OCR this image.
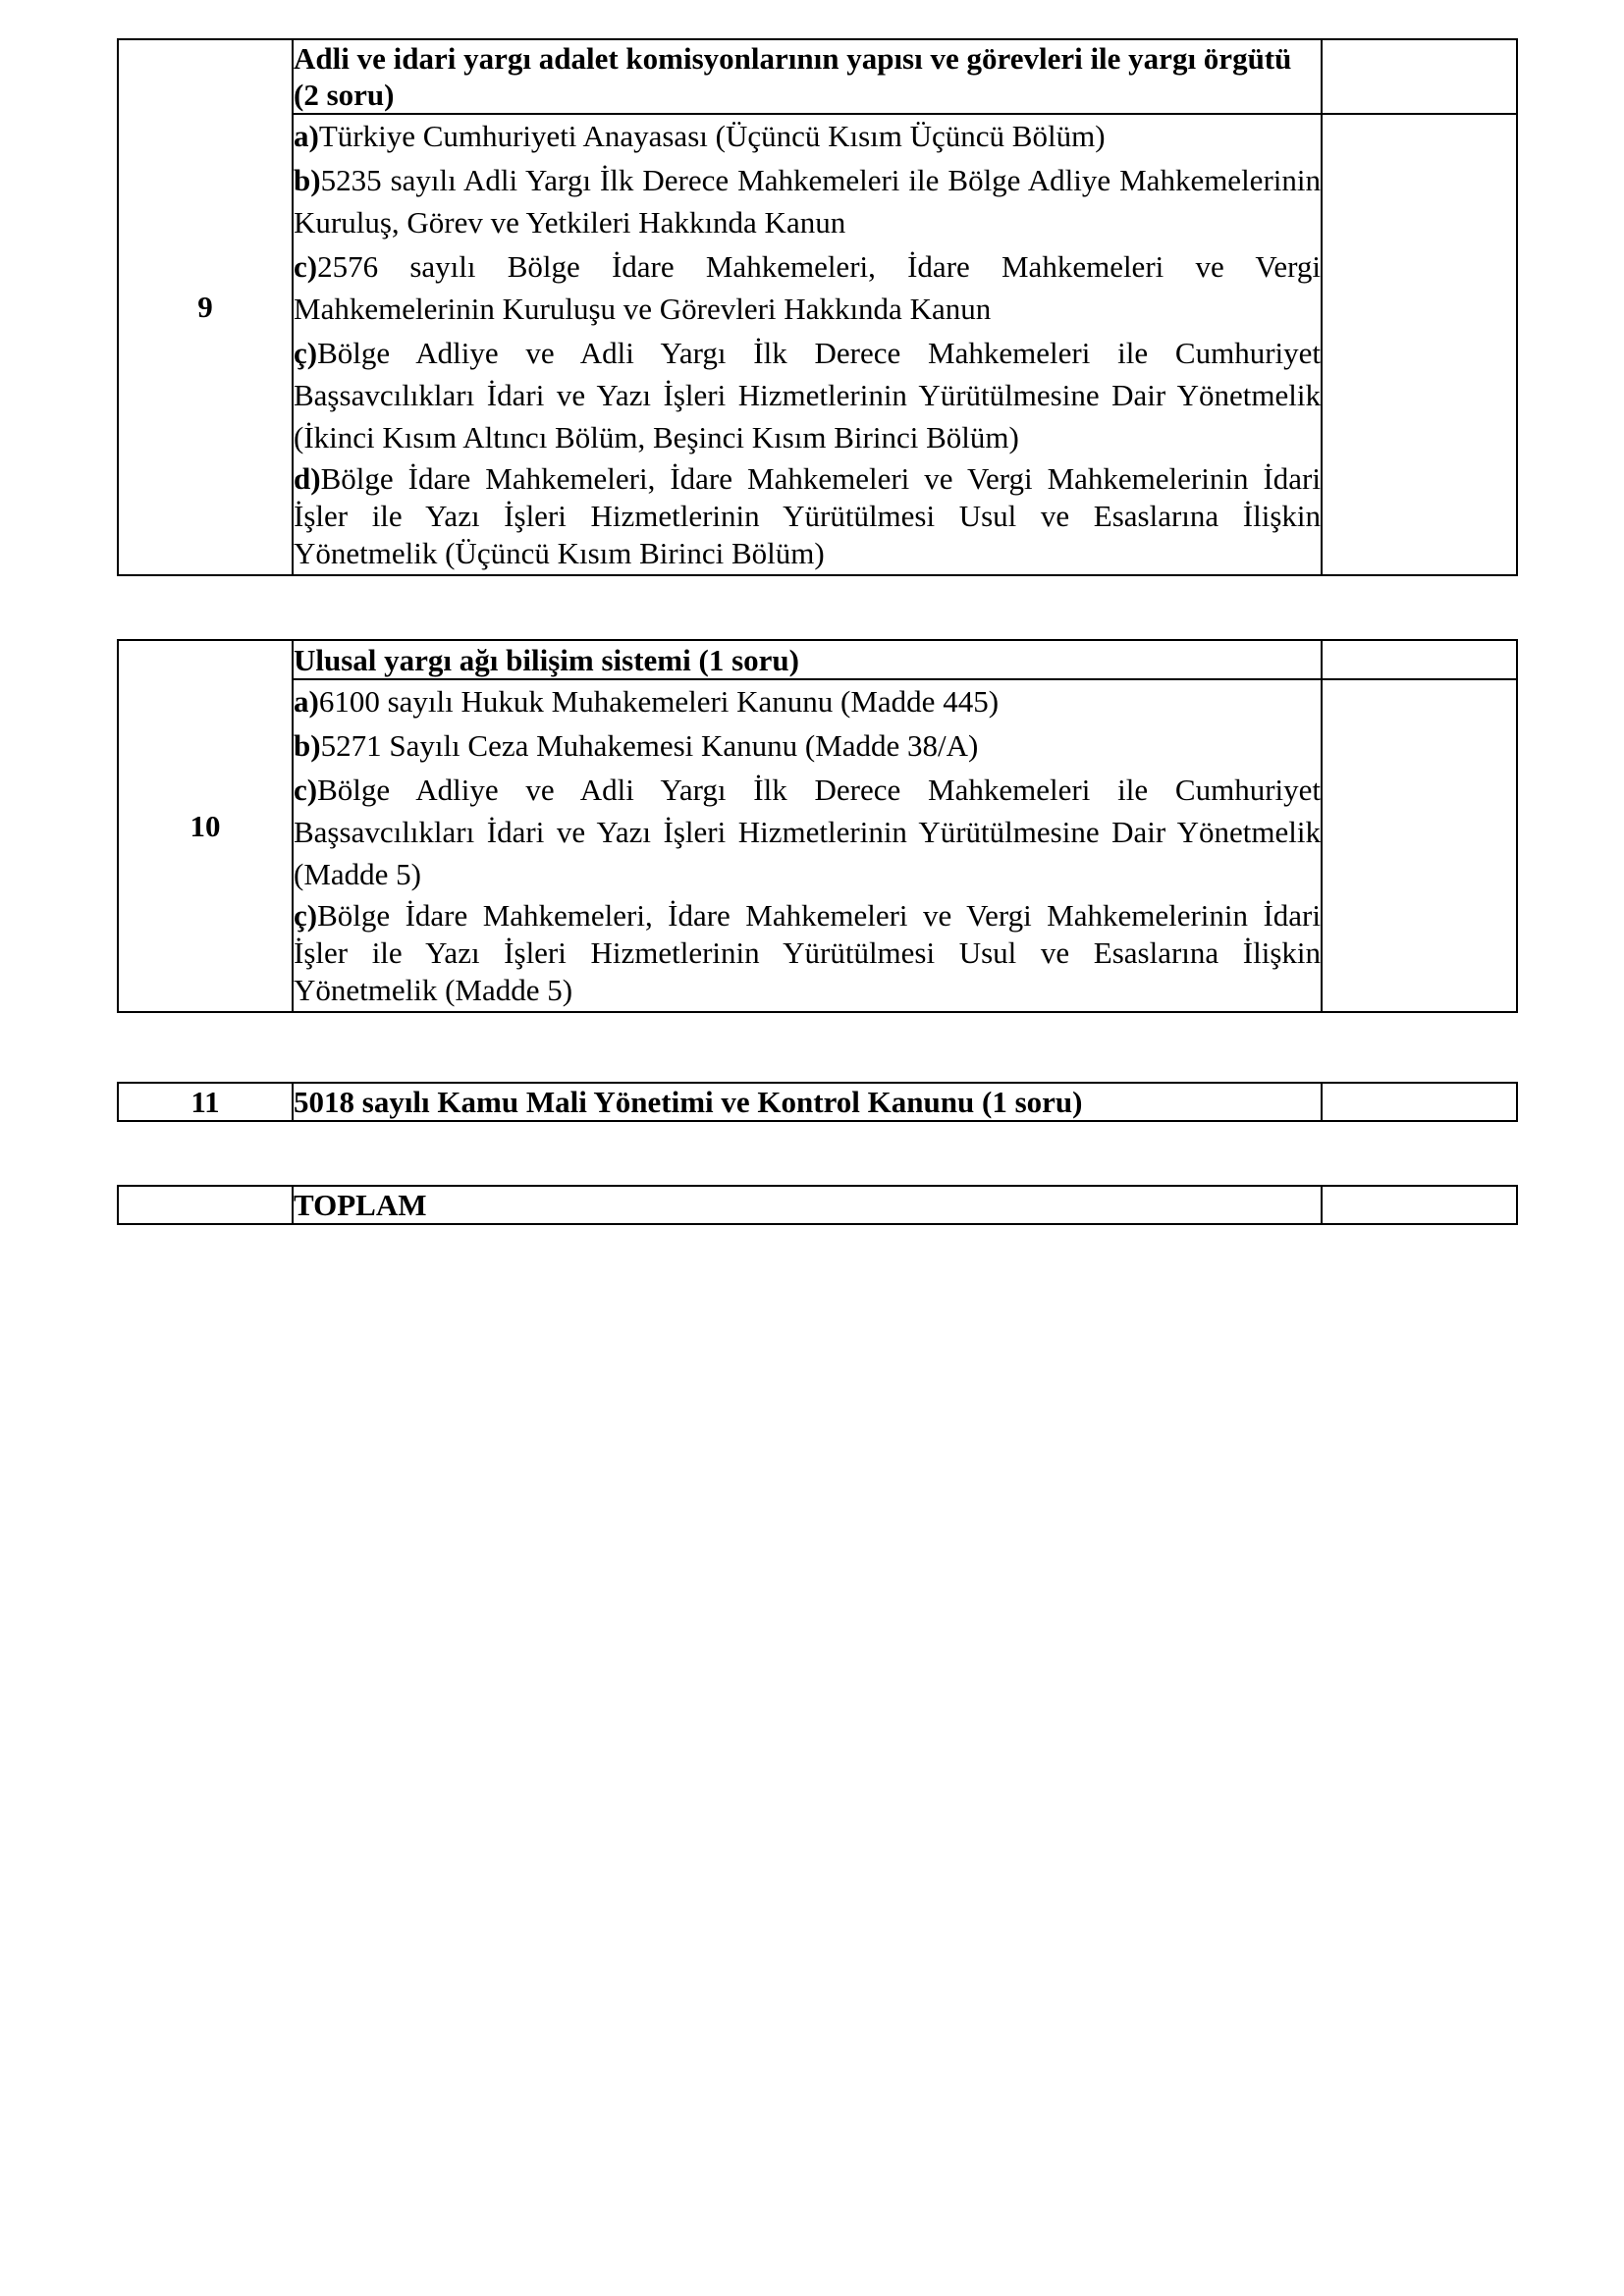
9	Adli ve idari yargı adalet komisyonlarının yapısı ve görevleri ile yargı örgütü (2 soru)	

	a)Türkiye Cumhuriyeti Anayasası (Üçüncü Kısım Üçüncü Bölüm)
b)5235 sayılı Adli Yargı İlk Derece Mahkemeleri ile Bölge Adliye Mahkemelerinin Kuruluş, Görev ve Yetkileri Hakkında Kanun
c)2576 sayılı Bölge İdare Mahkemeleri, İdare Mahkemeleri ve Vergi Mahkemelerinin Kuruluşu ve Görevleri Hakkında Kanun
ç)Bölge Adliye ve Adli Yargı İlk Derece Mahkemeleri ile Cumhuriyet Başsavcılıkları İdari ve Yazı İşleri Hizmetlerinin Yürütülmesine Dair Yönetmelik (İkinci Kısım Altıncı Bölüm, Beşinci Kısım Birinci Bölüm)
d)Bölge İdare Mahkemeleri, İdare Mahkemeleri ve Vergi Mahkemelerinin İdari İşler ile Yazı İşleri Hizmetlerinin Yürütülmesi Usul ve Esaslarına İlişkin Yönetmelik (Üçüncü Kısım Birinci Bölüm)	

10	Ulusal yargı ağı bilişim sistemi (1 soru)	

	a)6100 sayılı Hukuk Muhakemeleri Kanunu (Madde 445)
b)5271 Sayılı Ceza Muhakemesi Kanunu (Madde 38/A)
c)Bölge Adliye ve Adli Yargı İlk Derece Mahkemeleri ile Cumhuriyet Başsavcılıkları İdari ve Yazı İşleri Hizmetlerinin Yürütülmesine Dair Yönetmelik (Madde 5)
ç)Bölge İdare Mahkemeleri, İdare Mahkemeleri ve Vergi Mahkemelerinin İdari İşler ile Yazı İşleri Hizmetlerinin Yürütülmesi Usul ve Esaslarına İlişkin Yönetmelik (Madde 5)	

11	5018 sayılı Kamu Mali Yönetimi ve Kontrol Kanunu (1 soru)	
	TOPLAM	
